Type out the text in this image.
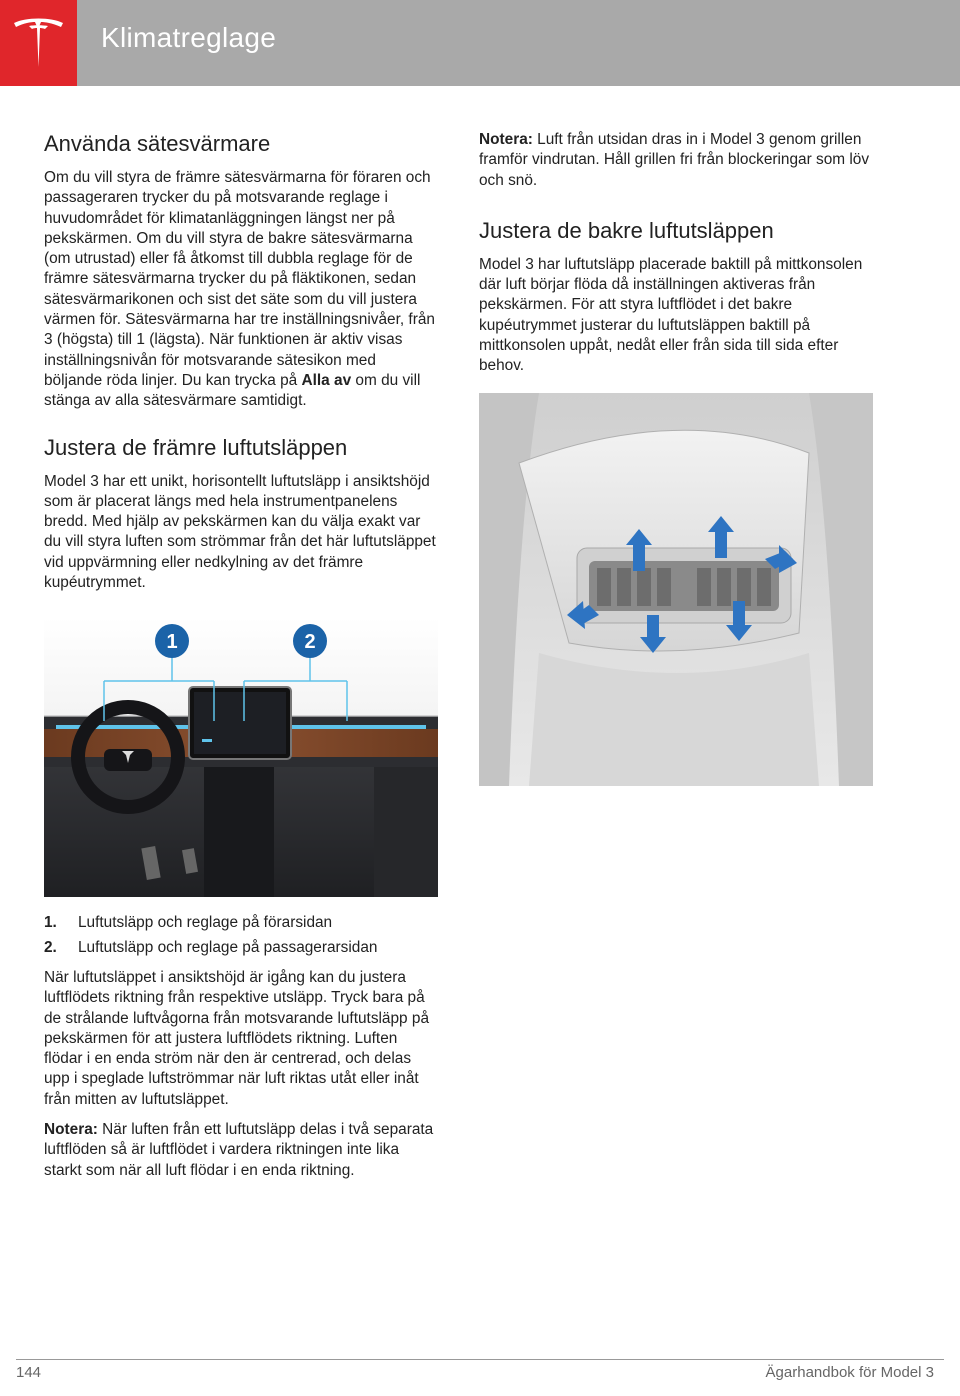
Klimatreglage
Använda sätesvärmare

Om du vill styra de främre sätesvärmarna för föraren och passageraren trycker du på motsvarande reglage i huvudområdet för klimatanläggningen längst ner på pekskärmen. Om du vill styra de bakre sätesvärmarna (om utrustad) eller få åtkomst till dubbla reglage för de främre sätesvärmarna trycker du på fläktikonen, sedan sätesvärmarikonen och sist det säte som du vill justera värmen för. Sätesvärmarna har tre inställningsnivåer, från 3 (högsta) till 1 (lägsta). När funktionen är aktiv visas inställningsnivån för motsvarande sätesikon med böljande röda linjer. Du kan trycka på Alla av om du vill stänga av alla sätesvärmare samtidigt.

Justera de främre luftutsläppen

Model 3 har ett unikt, horisontellt luftutsläpp i ansiktshöjd som är placerat längs med hela instrumentpanelens bredd. Med hjälp av pekskärmen kan du välja exakt var du vill styra luften som strömmar från det här luftutsläppet vid uppvärmning eller nedkylning av det främre kupéutrymmet.

1	2
1.	Luftutsläpp och reglage på förarsidan
2.	Luftutsläpp och reglage på passagerarsidan

När luftutsläppet i ansiktshöjd är igång kan du justera luftflödets riktning från respektive utsläpp. Tryck bara på de strålande luftvågorna från motsvarande luftutsläpp på pekskärmen för att justera luftflödets riktning. Luften flödar i en enda ström när den är centrerad, och delas upp i speglade luftströmmar när luft riktas utåt eller inåt från mitten av luftutsläppet.

Notera: När luften från ett luftutsläpp delas i två separata luftflöden så är luftflödet i vardera riktningen inte lika starkt som när all luft flödar i en enda riktning.

Notera: Luft från utsidan dras in i Model 3 genom grillen framför vindrutan. Håll grillen fri från blockeringar som löv och snö.

Justera de bakre luftutsläppen

Model 3 har luftutsläpp placerade baktill på mittkonsolen där luft börjar flöda då inställningen aktiveras från pekskärmen. För att styra luftflödet i det bakre kupéutrymmet justerar du luftutsläppen baktill på mittkonsolen uppåt, nedåt eller från sida till sida efter behov.

144	Ägarhandbok för Model 3
